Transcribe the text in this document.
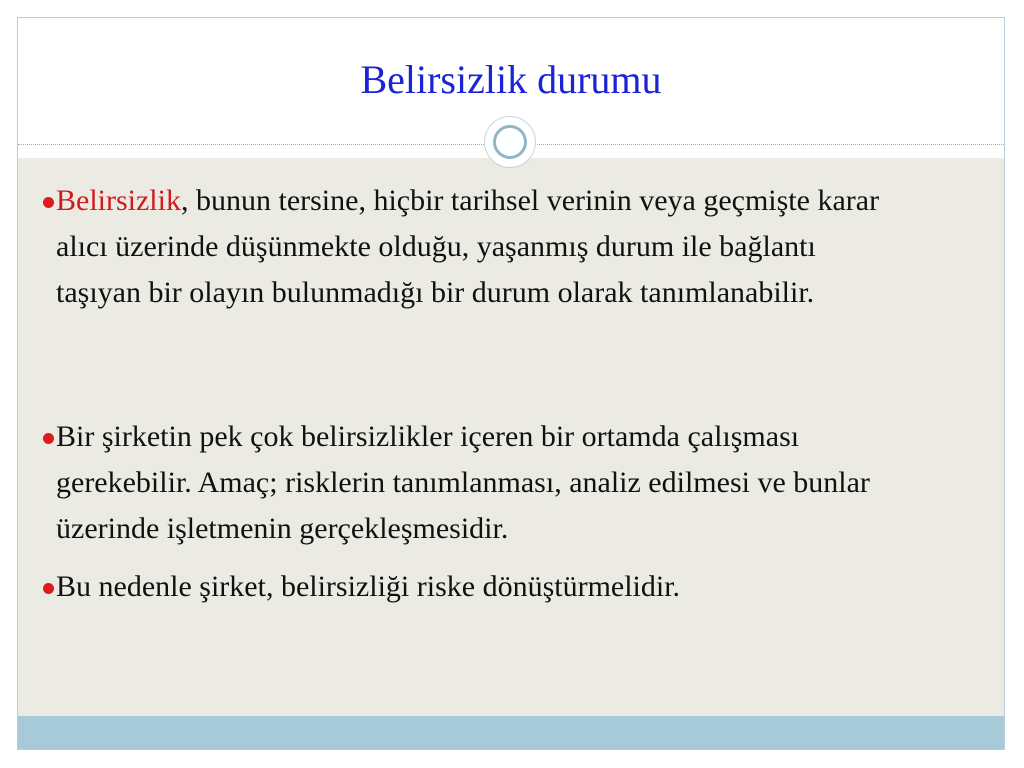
Belirsizlik durumu
Belirsizlik, bunun tersine, hiçbir tarihsel verinin veya geçmişte karar alıcı üzerinde düşünmekte olduğu, yaşanmış durum ile bağlantı taşıyan bir olayın bulunmadığı bir durum olarak tanımlanabilir.
Bir şirketin pek çok belirsizlikler içeren bir ortamda çalışması gerekebilir. Amaç; risklerin tanımlanması, analiz edilmesi ve bunlar üzerinde işletmenin gerçekleşmesidir.
Bu nedenle şirket, belirsizliği riske dönüştürmelidir.
